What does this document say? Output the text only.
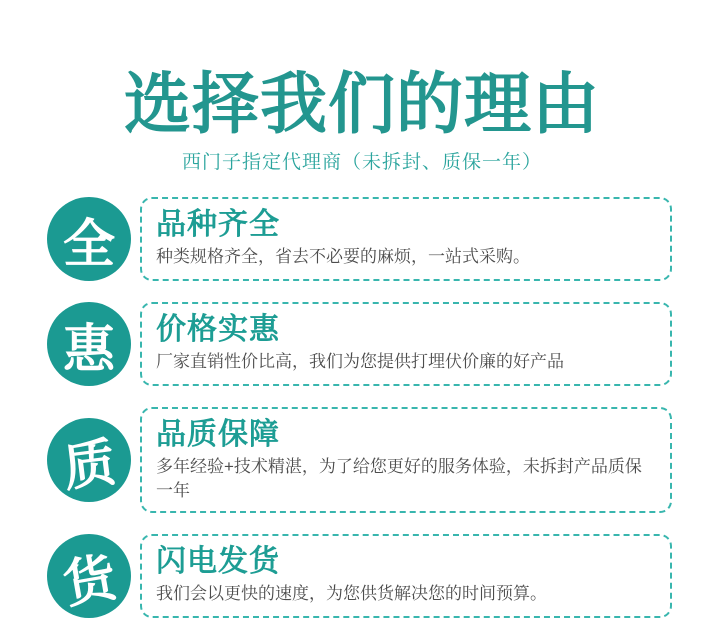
选择我们的理由
西门子指定代理商（未拆封、质保一年）
全 品种齐全
种类规格齐全，省去不必要的麻烦，一站式采购。
惠 价格实惠
厂家直销性价比高，我们为您提供打埋伏价廉的好产品
质 品质保障
多年经验+技术精湛，为了给您更好的服务体验，未拆封产品质保一年
货 闪电发货
我们会以更快的速度，为您供货解决您的时间预算。
